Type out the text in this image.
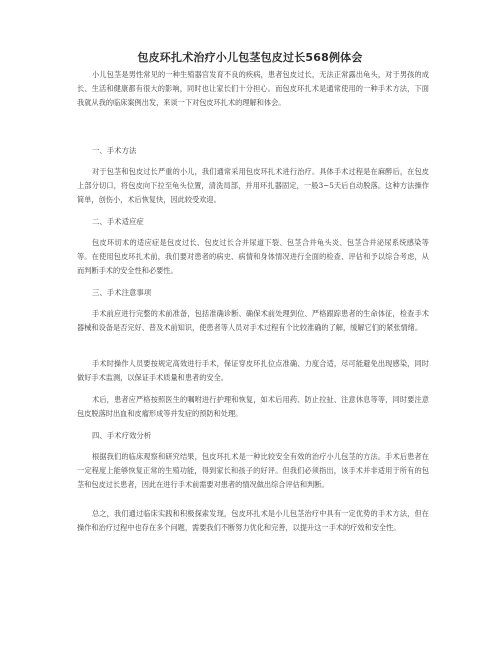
包皮环扎术治疗小儿包茎包皮过长568例体会

小儿包茎是男性常见的一种生殖器官发育不良的疾病，患者包皮过长，无法正常露出龟头，对于男孩的成长、生活和健康都有很大的影响，同时也让家长们十分担心。而包皮环扎术是通常使用的一种手术方法，下面我就从我的临床案例出发，来谈一下对包皮环扎术的理解和体会。

一、手术方法

对于包茎和包皮过长严重的小儿，我们通常采用包皮环扎术进行治疗。具体手术过程是在麻醉后，在包皮上部分切口，将包皮向下拉至龟头位置，清洗局部，并用环扎器固定，一般3~5天后自动脱落。这种方法操作简单，创伤小，术后恢复快，因此较受欢迎。

二、手术适应症

包皮环切术的适应症是包皮过长、包皮过长合并尿道下裂、包茎合并龟头炎、包茎合并泌尿系统感染等等。在使用包皮环扎术前，我们要对患者的病史、病情和身体情况进行全面的检查、评估和予以综合考虑，从而判断手术的安全性和必要性。

三、手术注意事项

手术前应进行完整的术前准备，包括准确诊断、确保术前处理到位、严格跟踪患者的生命体征，检查手术器械和设备是否完好、普及术前知识，使患者等人员对手术过程有个比较准确的了解，缓解它们的紧张情绪。

手术时操作人员要按规定高效进行手术，保证穿皮环扎位点准确、力度合适，尽可能避免出现感染，同时做好手术监测，以保证手术质量和患者的安全。

术后，患者应严格按照医生的嘱咐进行护理和恢复，如术后用药、防止拉扯、注意休息等等，同时要注意包皮脱落时出血和皮瘤形成等并发症的预防和处理。

四、手术疗效分析

根据我们的临床观察和研究结果，包皮环扎术是一种比较安全有效的治疗小儿包茎的方法。手术后患者在一定程度上能够恢复正常的生殖功能，得到家长和孩子的好评。但我们必须指出，该手术并非适用于所有的包茎和包皮过长患者，因此在进行手术前需要对患者的情况做出综合评估和判断。

总之，我们通过临床实践和积极探索发现，包皮环扎术是小儿包茎治疗中具有一定优势的手术方法，但在操作和治疗过程中也存在多个问题，需要我们不断努力优化和完善，以提升这一手术的疗效和安全性。
